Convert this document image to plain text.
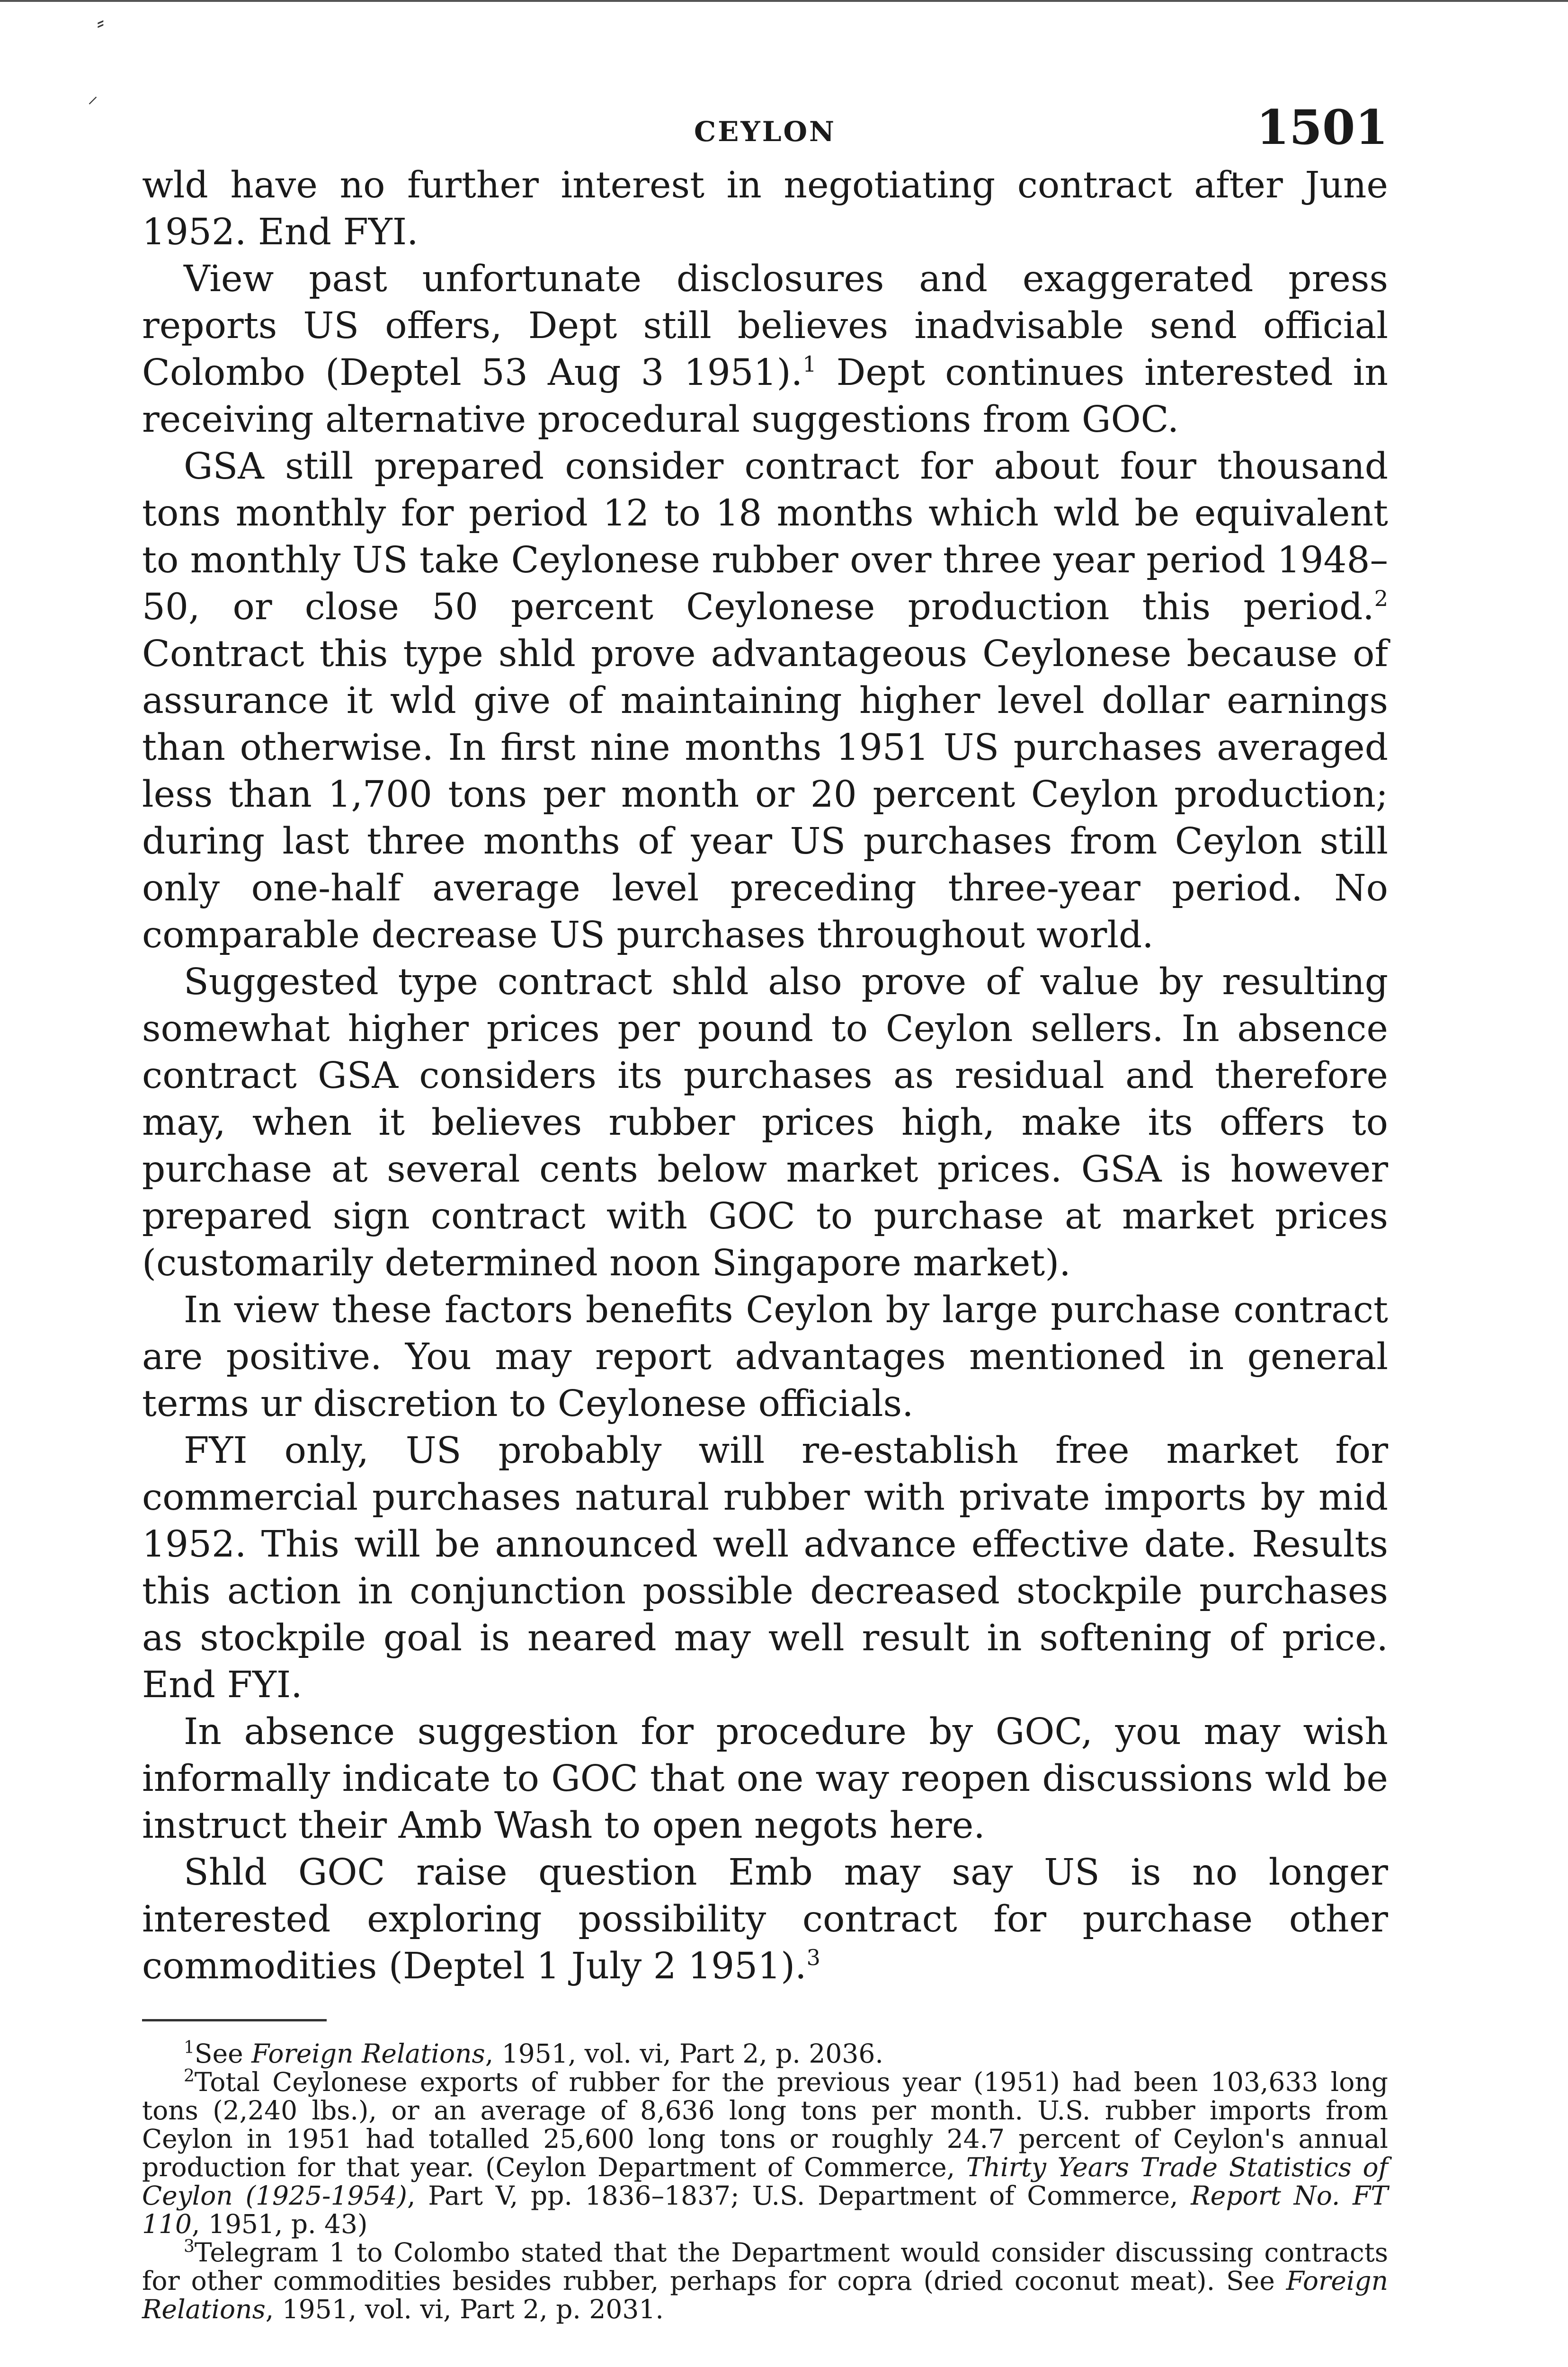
⸗
⸝
CEYLON	1501

wld have no further interest in negotiating contract after June 1952. End FYI.

View past unfortunate disclosures and exaggerated press reports US offers, Dept still believes inadvisable send official Colombo (Deptel 53 Aug 3 1951).$^1$ Dept continues interested in receiving alternative procedural suggestions from GOC.

GSA still prepared consider contract for about four thousand tons monthly for period 12 to 18 months which wld be equivalent to monthly US take Ceylonese rubber over three year period 1948–50, or close 50 percent Ceylonese production this period.$^2$ Contract this type shld prove advantageous Ceylonese because of assurance it wld give of maintaining higher level dollar earnings than otherwise. In first nine months 1951 US purchases averaged less than 1,700 tons per month or 20 percent Ceylon production; during last three months of year US purchases from Ceylon still only one-half average level preceding three-year period. No comparable decrease US purchases throughout world.

Suggested type contract shld also prove of value by resulting somewhat higher prices per pound to Ceylon sellers. In absence contract GSA considers its purchases as residual and therefore may, when it believes rubber prices high, make its offers to purchase at several cents below market prices. GSA is however prepared sign contract with GOC to purchase at market prices (customarily determined noon Singapore market).

In view these factors benefits Ceylon by large purchase contract are positive. You may report advantages mentioned in general terms ur discretion to Ceylonese officials.

FYI only, US probably will re-establish free market for commercial purchases natural rubber with private imports by mid 1952. This will be announced well advance effective date. Results this action in conjunction possible decreased stockpile purchases as stockpile goal is neared may well result in softening of price. End FYI.

In absence suggestion for procedure by GOC, you may wish informally indicate to GOC that one way reopen discussions wld be instruct their Amb Wash to open negots here.

Shld GOC raise question Emb may say US is no longer interested exploring possibility contract for purchase other commodities (Deptel 1 July 2 1951).$^3$

$^1$See Foreign Relations, 1951, vol. vi, Part 2, p. 2036.

$^2$Total Ceylonese exports of rubber for the previous year (1951) had been 103,633 long tons (2,240 lbs.), or an average of 8,636 long tons per month. U.S. rubber imports from Ceylon in 1951 had totalled 25,600 long tons or roughly 24.7 percent of Ceylon's annual production for that year. (Ceylon Department of Commerce, Thirty Years Trade Statistics of Ceylon (1925-1954), Part V, pp. 1836–1837; U.S. Department of Commerce, Report No. FT 110, 1951, p. 43)

$^3$Telegram 1 to Colombo stated that the Department would consider discussing contracts for other commodities besides rubber, perhaps for copra (dried coconut meat). See Foreign Relations, 1951, vol. vi, Part 2, p. 2031.
